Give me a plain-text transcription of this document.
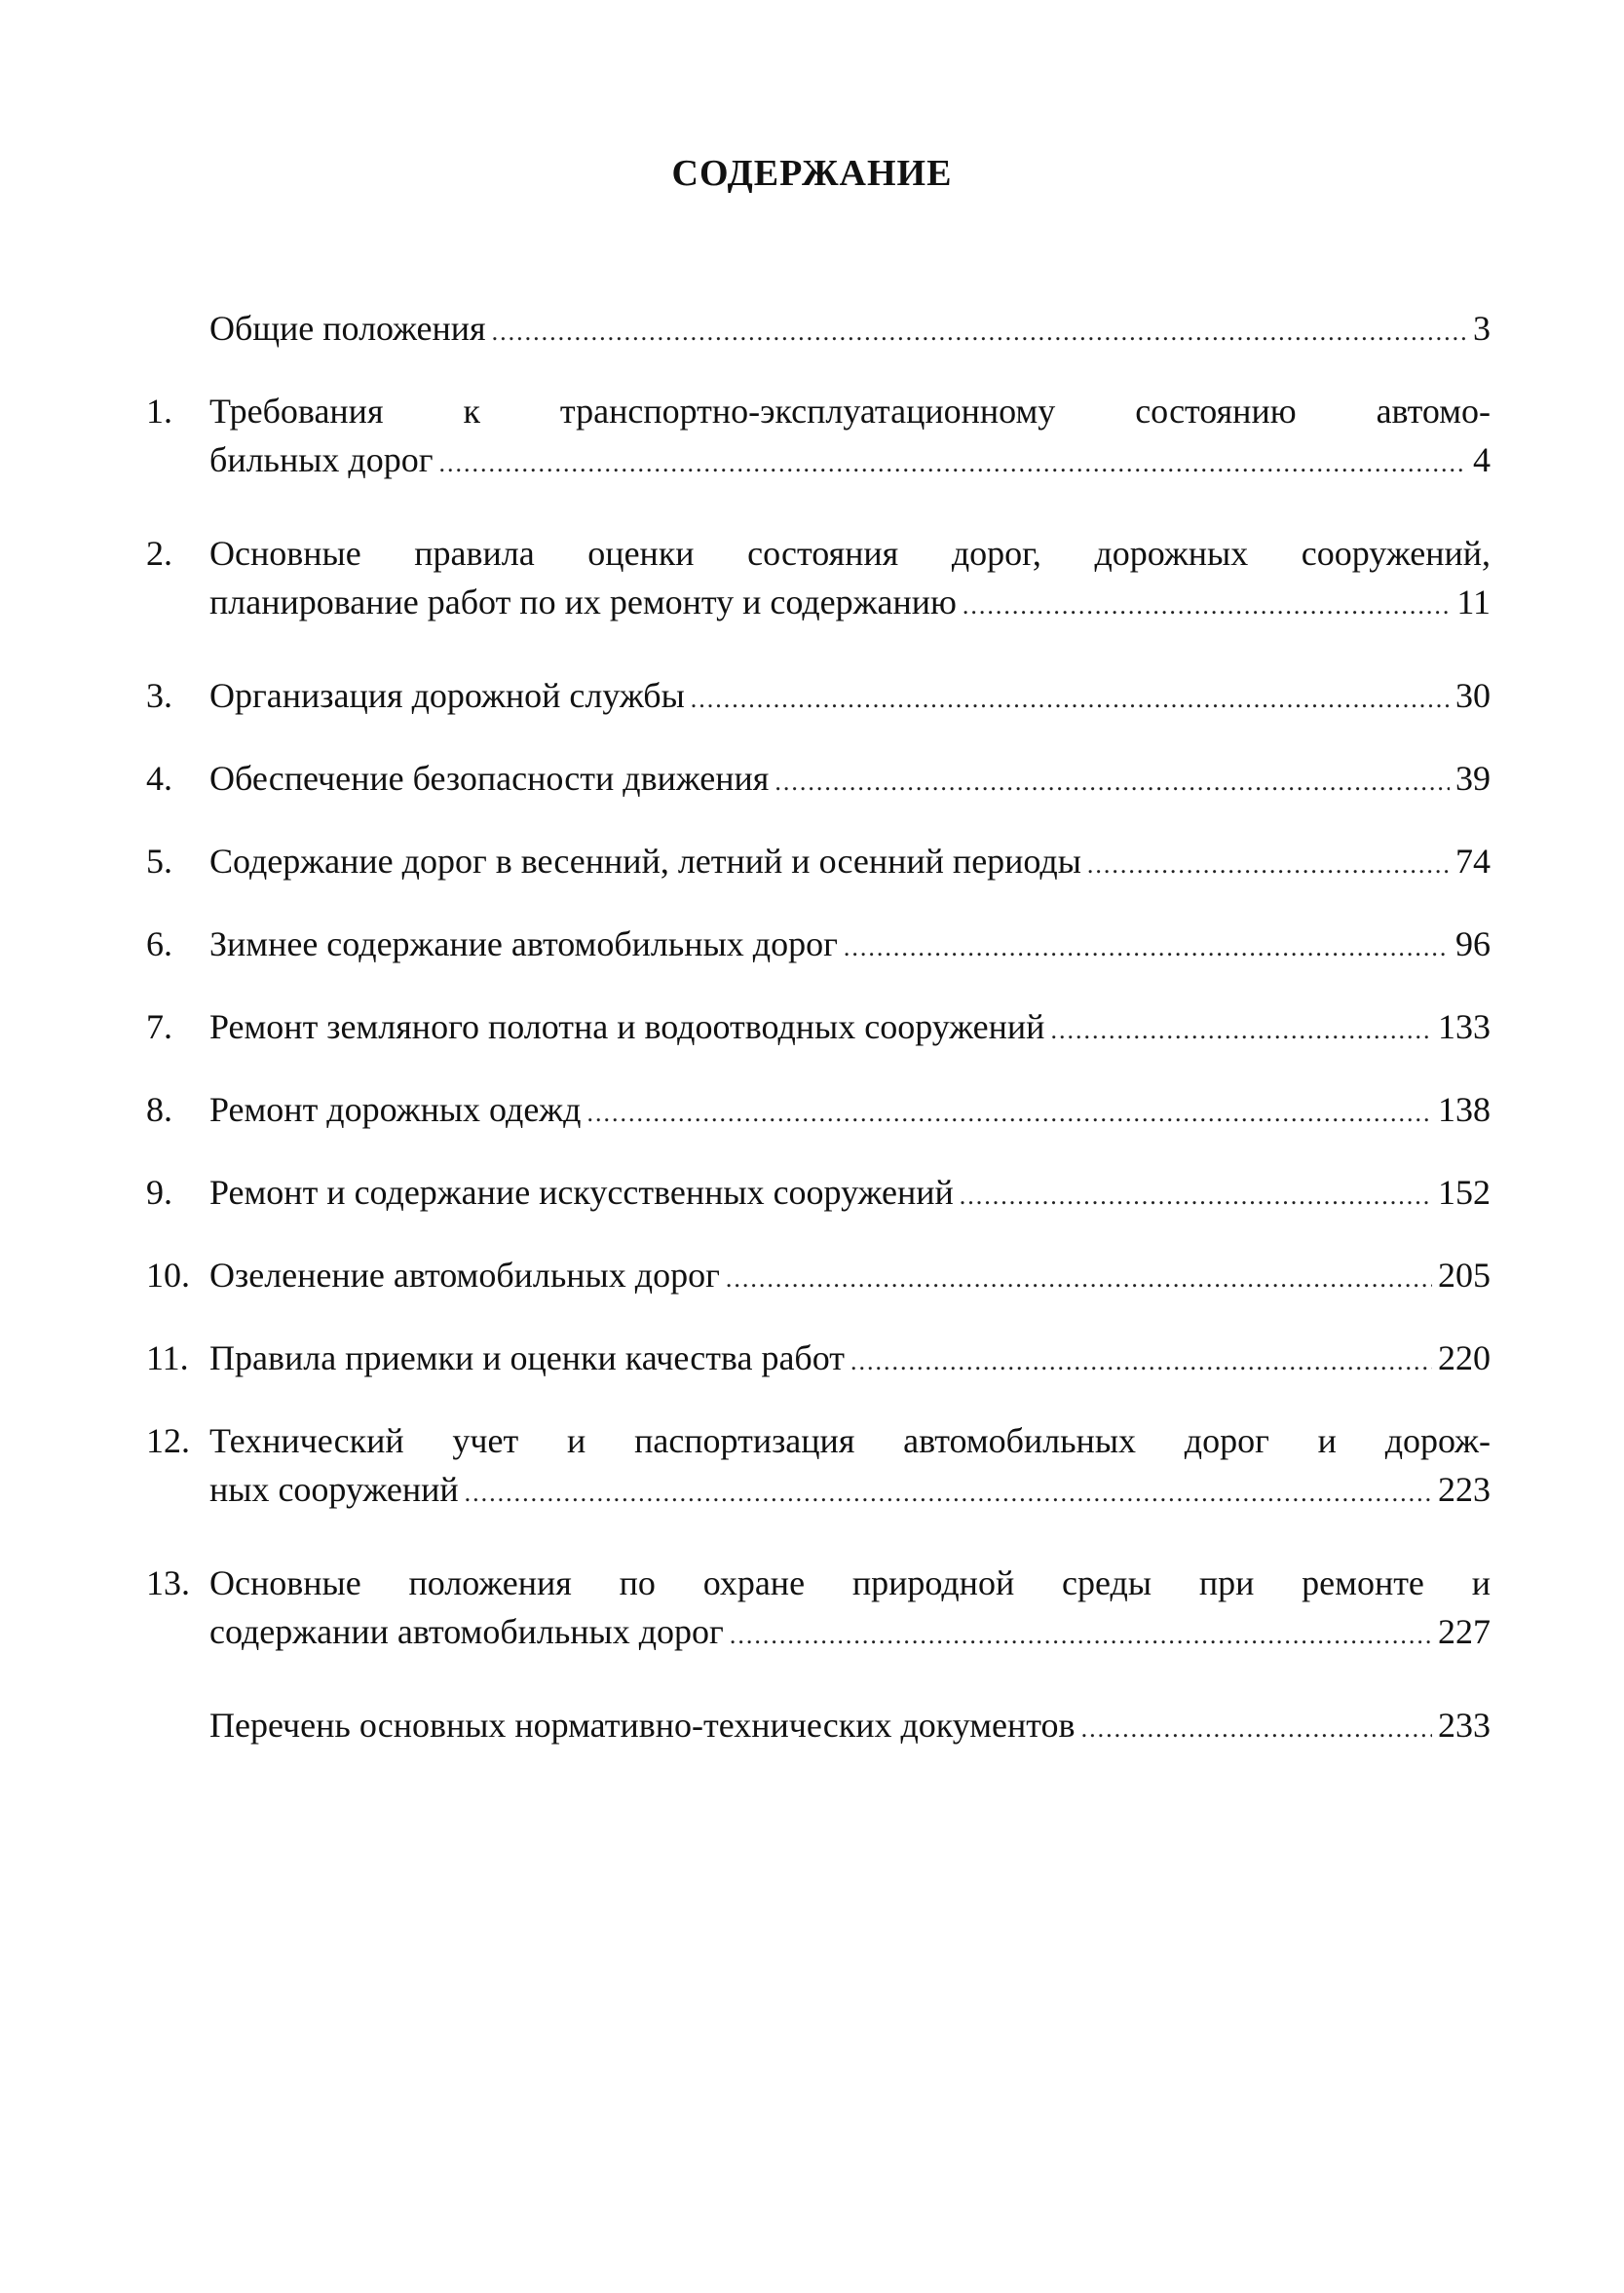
СОДЕРЖАНИЕ
Общие положения .....	3
1.	Требования к транспортно-эксплуатационному состоянию автомо-
бильных дорог .....	4
2.	Основные правила оценки состояния дорог, дорожных сооружений,
планирование работ по их ремонту и содержанию .....	11
3.	Организация дорожной службы .....	30
4.	Обеспечение безопасности движения .....	39
5.	Содержание дорог в весенний, летний и осенний периоды .....	74
6.	Зимнее содержание автомобильных дорог .....	96
7.	Ремонт земляного полотна и водоотводных сооружений .....	133
8.	Ремонт дорожных одежд .....	138
9.	Ремонт и содержание искусственных сооружений .....	152
10. Озеленение автомобильных дорог .....	205
11. Правила приемки и оценки качества работ .....	220
12. Технический учет и паспортизация автомобильных дорог и дорож-
ных сооружений .....	223
13. Основные положения по охране природной среды при ремонте и
содержании автомобильных дорог .....	227
Перечень основных нормативно-технических документов .....	233
